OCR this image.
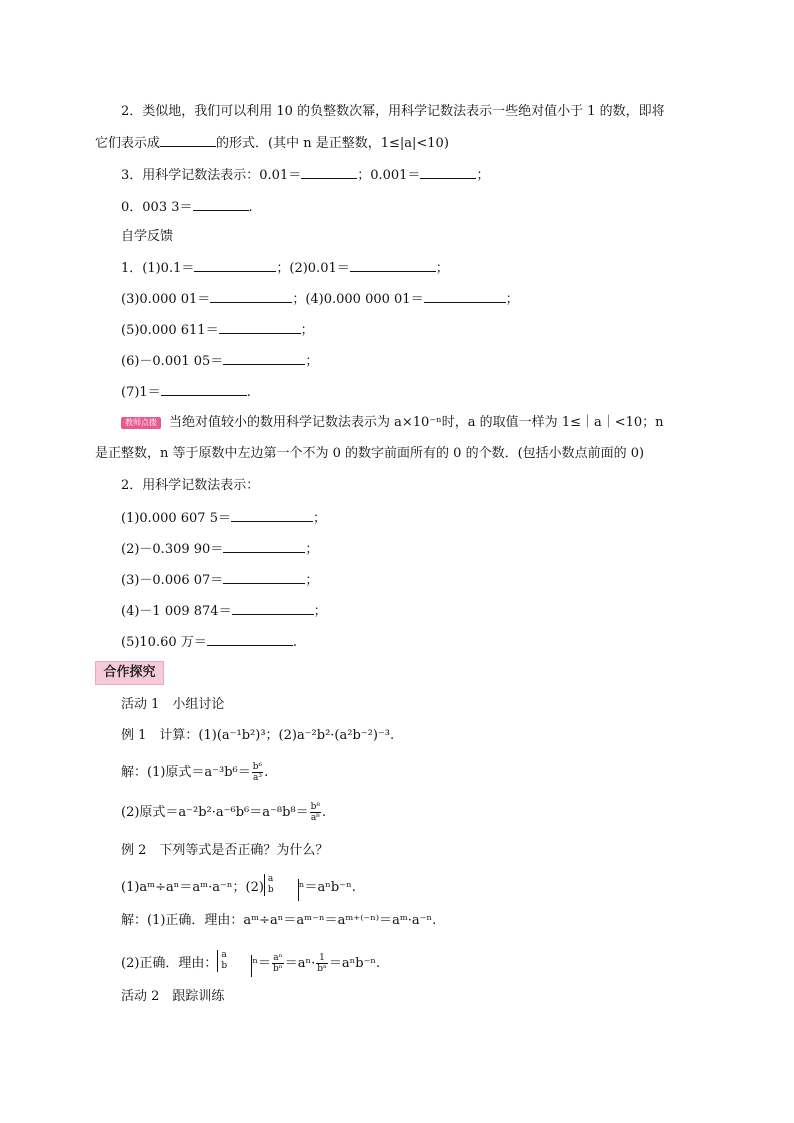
2．类似地，我们可以利用 10 的负整数次幂，用科学记数法表示一些绝对值小于 1 的数，即将
它们表示成	的形式．(其中 n 是正整数，1≤|a|<10)
3．用科学记数法表示：0.01＝	；0.001＝	；
0．003 3＝	.
自学反馈
1．(1)0.1＝	；(2)0.01＝	；
(3)0.000 01＝	；(4)0.000 000 01＝	；
(5)0.000 611＝	；
(6)－0.001 05＝	；
(7)1＝	.
教师点拨 当绝对值较小的数用科学记数法表示为 a×10⁻ⁿ时，a 的取值一样为 1≤｜a｜<10；n
是正整数，n 等于原数中左边第一个不为 0 的数字前面所有的 0 的个数．(包括小数点前面的 0)
2．用科学记数法表示：
(1)0.000 607 5＝	；
(2)－0.309 90＝	；
(3)－0.006 07＝	；
(4)－1 009 874＝	；
(5)10.60 万＝	.
合作探究
活动 1　小组讨论
例 1　计算：(1)(a⁻¹b²)³；(2)a⁻²b²·(a²b⁻²)⁻³.
解：(1)原式$=a^{-3}b^6= \frac{\text{b⁶}}{\text{a³}}$ .
(2)原式$=a^{-2}b^2\cdot a^{-6}b^6=a^{-8}b^8= \frac{\text{b⁸}}{\text{a⁸}}$ .
例 2　下列等式是否正确？为什么？
(1)aᵐ÷aⁿ＝aᵐ·a⁻ⁿ；(2)
a
b	ⁿ＝aⁿb⁻ⁿ.
解：(1)正确．理由：aᵐ÷aⁿ＝aᵐ⁻ⁿ＝aᵐ⁺⁽⁻ⁿ⁾＝aᵐ·a⁻ⁿ.
(2)正确．理由：
a
b	$^n= \frac{\text{aⁿ}}{\text{bⁿ}} =a^n\cdot \frac{1}{\text{bⁿ}} =a^nb^{-n}$.
活动 2　跟踪训练
